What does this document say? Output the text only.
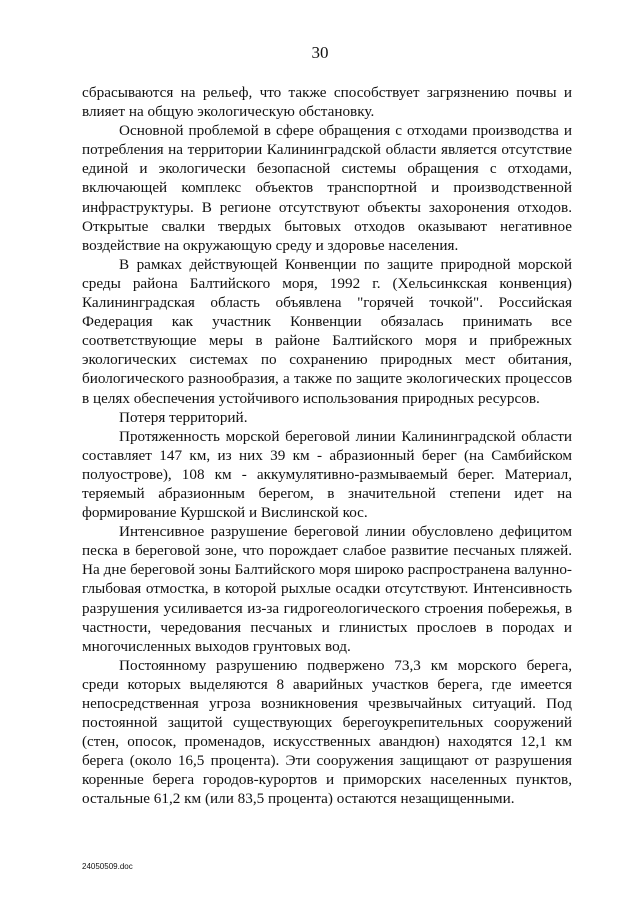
30

сбрасываются на рельеф, что также способствует загрязнению почвы и влияет на общую экологическую обстановку.

Основной проблемой в сфере обращения с отходами производства и потребления на территории Калининградской области является отсутствие единой и экологически безопасной системы обращения с отходами, включающей комплекс объектов транспортной и производственной инфраструктуры. В регионе отсутствуют объекты захоронения отходов. Открытые свалки твердых бытовых отходов оказывают негативное воздействие на окружающую среду и здоровье населения.

В рамках действующей Конвенции по защите природной морской среды района Балтийского моря, 1992 г. (Хельсинкская конвенция) Калининградская область объявлена "горячей точкой". Российская Федерация как участник Конвенции обязалась принимать все соответствующие меры в районе Балтийского моря и прибрежных экологических системах по сохранению природных мест обитания, биологического разнообразия, а также по защите экологических процессов в целях обеспечения устойчивого использования природных ресурсов.

Потеря территорий.

Протяженность морской береговой линии Калининградской области составляет 147 км, из них 39 км - абразионный берег (на Самбийском полуострове), 108 км - аккумулятивно-размываемый берег. Материал, теряемый абразионным берегом, в значительной степени идет на формирование Куршской и Вислинской кос.

Интенсивное разрушение береговой линии обусловлено дефицитом песка в береговой зоне, что порождает слабое развитие песчаных пляжей. На дне береговой зоны Балтийского моря широко распространена валунно-глыбовая отмостка, в которой рыхлые осадки отсутствуют. Интенсивность разрушения усиливается из-за гидрогеологического строения побережья, в частности, чередования песчаных и глинистых прослоев в породах и многочисленных выходов грунтовых вод.

Постоянному разрушению подвержено 73,3 км морского берега, среди которых выделяются 8 аварийных участков берега, где имеется непосредственная угроза возникновения чрезвычайных ситуаций. Под постоянной защитой существующих берегоукрепительных сооружений (стен, опосок, променадов, искусственных авандюн) находятся 12,1 км берега (около 16,5 процента). Эти сооружения защищают от разрушения коренные берега городов-курортов и приморских населенных пунктов, остальные 61,2 км (или 83,5 процента) остаются незащищенными.

24050509.doc
